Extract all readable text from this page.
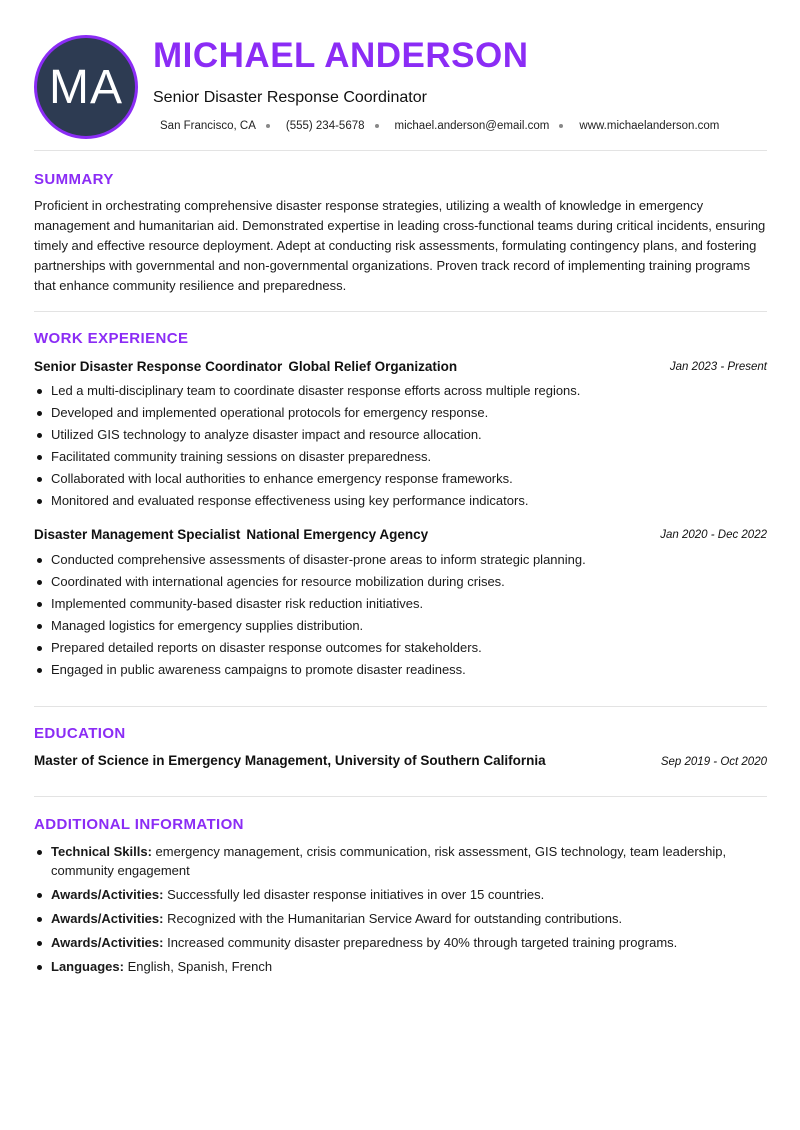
MA
MICHAEL ANDERSON
Senior Disaster Response Coordinator
San Francisco, CA	(555) 234-5678	michael.anderson@email.com	www.michaelanderson.com
SUMMARY
Proficient in orchestrating comprehensive disaster response strategies, utilizing a wealth of knowledge in emergency management and humanitarian aid. Demonstrated expertise in leading cross-functional teams during critical incidents, ensuring timely and effective resource deployment. Adept at conducting risk assessments, formulating contingency plans, and fostering partnerships with governmental and non-governmental organizations. Proven track record of implementing training programs that enhance community resilience and preparedness.
WORK EXPERIENCE
Senior Disaster Response Coordinator Global Relief Organization	Jan 2023 - Present
Led a multi-disciplinary team to coordinate disaster response efforts across multiple regions.
Developed and implemented operational protocols for emergency response.
Utilized GIS technology to analyze disaster impact and resource allocation.
Facilitated community training sessions on disaster preparedness.
Collaborated with local authorities to enhance emergency response frameworks.
Monitored and evaluated response effectiveness using key performance indicators.
Disaster Management Specialist National Emergency Agency	Jan 2020 - Dec 2022
Conducted comprehensive assessments of disaster-prone areas to inform strategic planning.
Coordinated with international agencies for resource mobilization during crises.
Implemented community-based disaster risk reduction initiatives.
Managed logistics for emergency supplies distribution.
Prepared detailed reports on disaster response outcomes for stakeholders.
Engaged in public awareness campaigns to promote disaster readiness.
EDUCATION
Master of Science in Emergency Management, University of Southern California	Sep 2019 - Oct 2020
ADDITIONAL INFORMATION
Technical Skills: emergency management, crisis communication, risk assessment, GIS technology, team leadership, community engagement
Awards/Activities: Successfully led disaster response initiatives in over 15 countries.
Awards/Activities: Recognized with the Humanitarian Service Award for outstanding contributions.
Awards/Activities: Increased community disaster preparedness by 40% through targeted training programs.
Languages: English, Spanish, French
